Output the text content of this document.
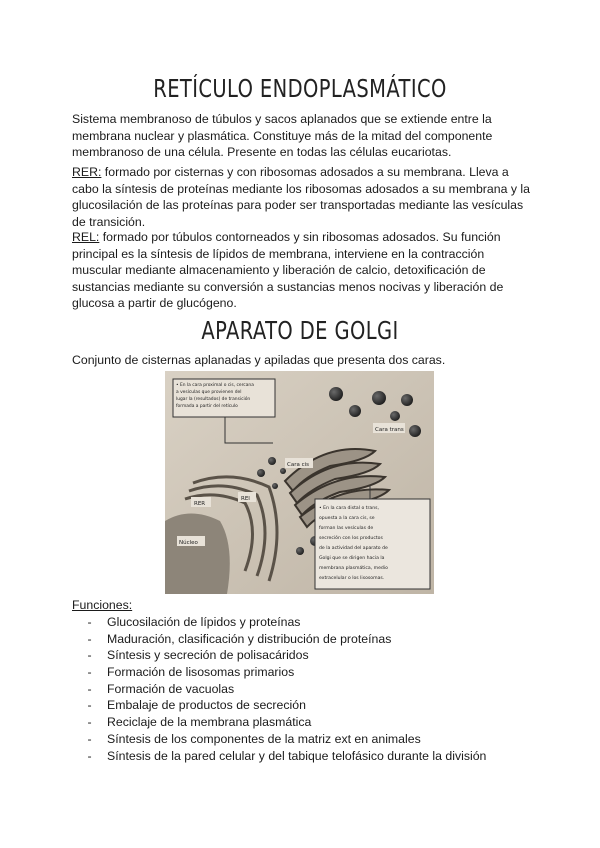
RETÍCULO ENDOPLASMÁTICO

Sistema membranoso de túbulos y sacos aplanados que se extiende entre la membrana nuclear y plasmática. Constituye más de la mitad del componente membranoso de una célula. Presente en todas las células eucariotas.

RER: formado por cisternas y con ribosomas adosados a su membrana. Lleva a cabo la síntesis de proteínas mediante los ribosomas adosados a su membrana y la glucosilación de las proteínas para poder ser transportadas mediante las vesículas de transición.

REL: formado por túbulos contorneados y sin ribosomas adosados. Su función principal es la síntesis de lípidos de membrana, interviene en la contracción muscular mediante almacenamiento y liberación de calcio, detoxificación de sustancias mediante su conversión a sustancias menos nocivas y liberación de glucosa a partir de glucógeno.

APARATO DE GOLGI

Conjunto de cisternas aplanadas y apiladas que presenta dos caras.

• En la cara proximal o cis, cercana
a vesículas que provienen del
lugar la (resultados) de transición
formada a partir del retículo
• En la cara distal o trans,
opuesta a la cara cis, se
forman las vesículas de
secreción con los productos
de la actividad del aparato de
Golgi que se dirigen hacia la
membrana plasmática, medio
extracelular o los lisosomas.
Cara trans
Cara cis
RER
REI
Núcleo

Funciones:

- Glucosilación de lípidos y proteínas
- Maduración, clasificación y distribución de proteínas
- Síntesis y secreción de polisacáridos
- Formación de lisosomas primarios
- Formación de vacuolas
- Embalaje de productos de secreción
- Reciclaje de la membrana plasmática
- Síntesis de los componentes de la matriz ext en animales
- Síntesis de la pared celular y del tabique telofásico durante la división
